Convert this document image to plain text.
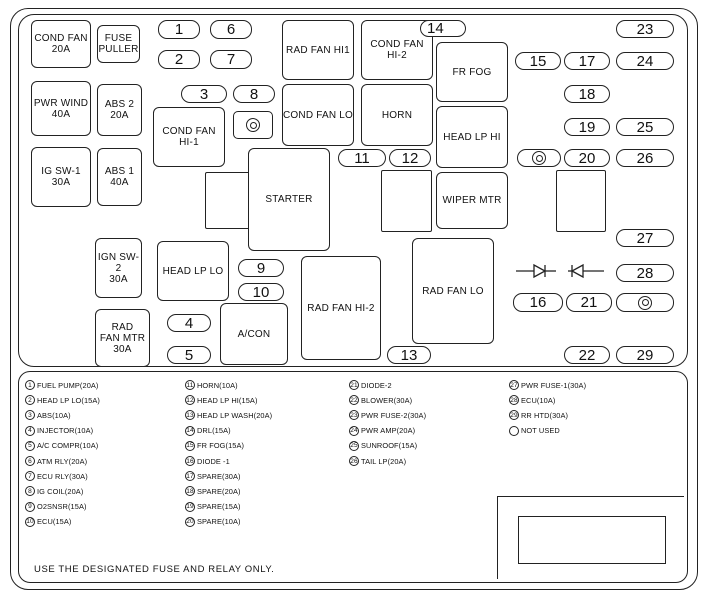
COND FAN
20A
FUSE
PULLER
PWR WIND
40A
ABS 2
20A
IG SW-1
30A
ABS 1
40A
1	6
2	7
3	8
COND FAN
HI-1
RAD FAN HI1	COND FAN
HI-2
COND FAN LO	HORN
11	12
STARTER
14
FR FOG
HEAD LP HI
WIPER MTR
15	17
23
24
18
19	25
20	26
27
28
16	21
IGN SW-2
30A
HEAD LP LO	9
10
RAD FAN HI-2
RAD FAN LO
RAD
FAN MTR
30A
4
5
A/CON
13	22	29
1 FUEL PUMP(20A)
2 HEAD LP LO(15A)
3 ABS(10A)
4 INJECTOR(10A)
5 A/C COMPR(10A)
6 ATM RLY(20A)
7 ECU RLY(30A)
8 IG COIL(20A)
9 O2SNSR(15A)
10 ECU(15A)
11 HORN(10A)
12 HEAD LP HI(15A)
13 HEAD LP WASH(20A)
14 DRL(15A)
15 FR FOG(15A)
16 DIODE -1
17 SPARE(30A)
18 SPARE(20A)
19 SPARE(15A)
20 SPARE(10A)
21 DIODE-2
22 BLOWER(30A)
23 PWR FUSE-2(30A)
24 PWR AMP(20A)
25 SUNROOF(15A)
26 TAIL LP(20A)
27 PWR FUSE-1(30A)
28 ECU(10A)
29 RR HTD(30A)
NOT USED
USE THE DESIGNATED FUSE AND RELAY ONLY.
